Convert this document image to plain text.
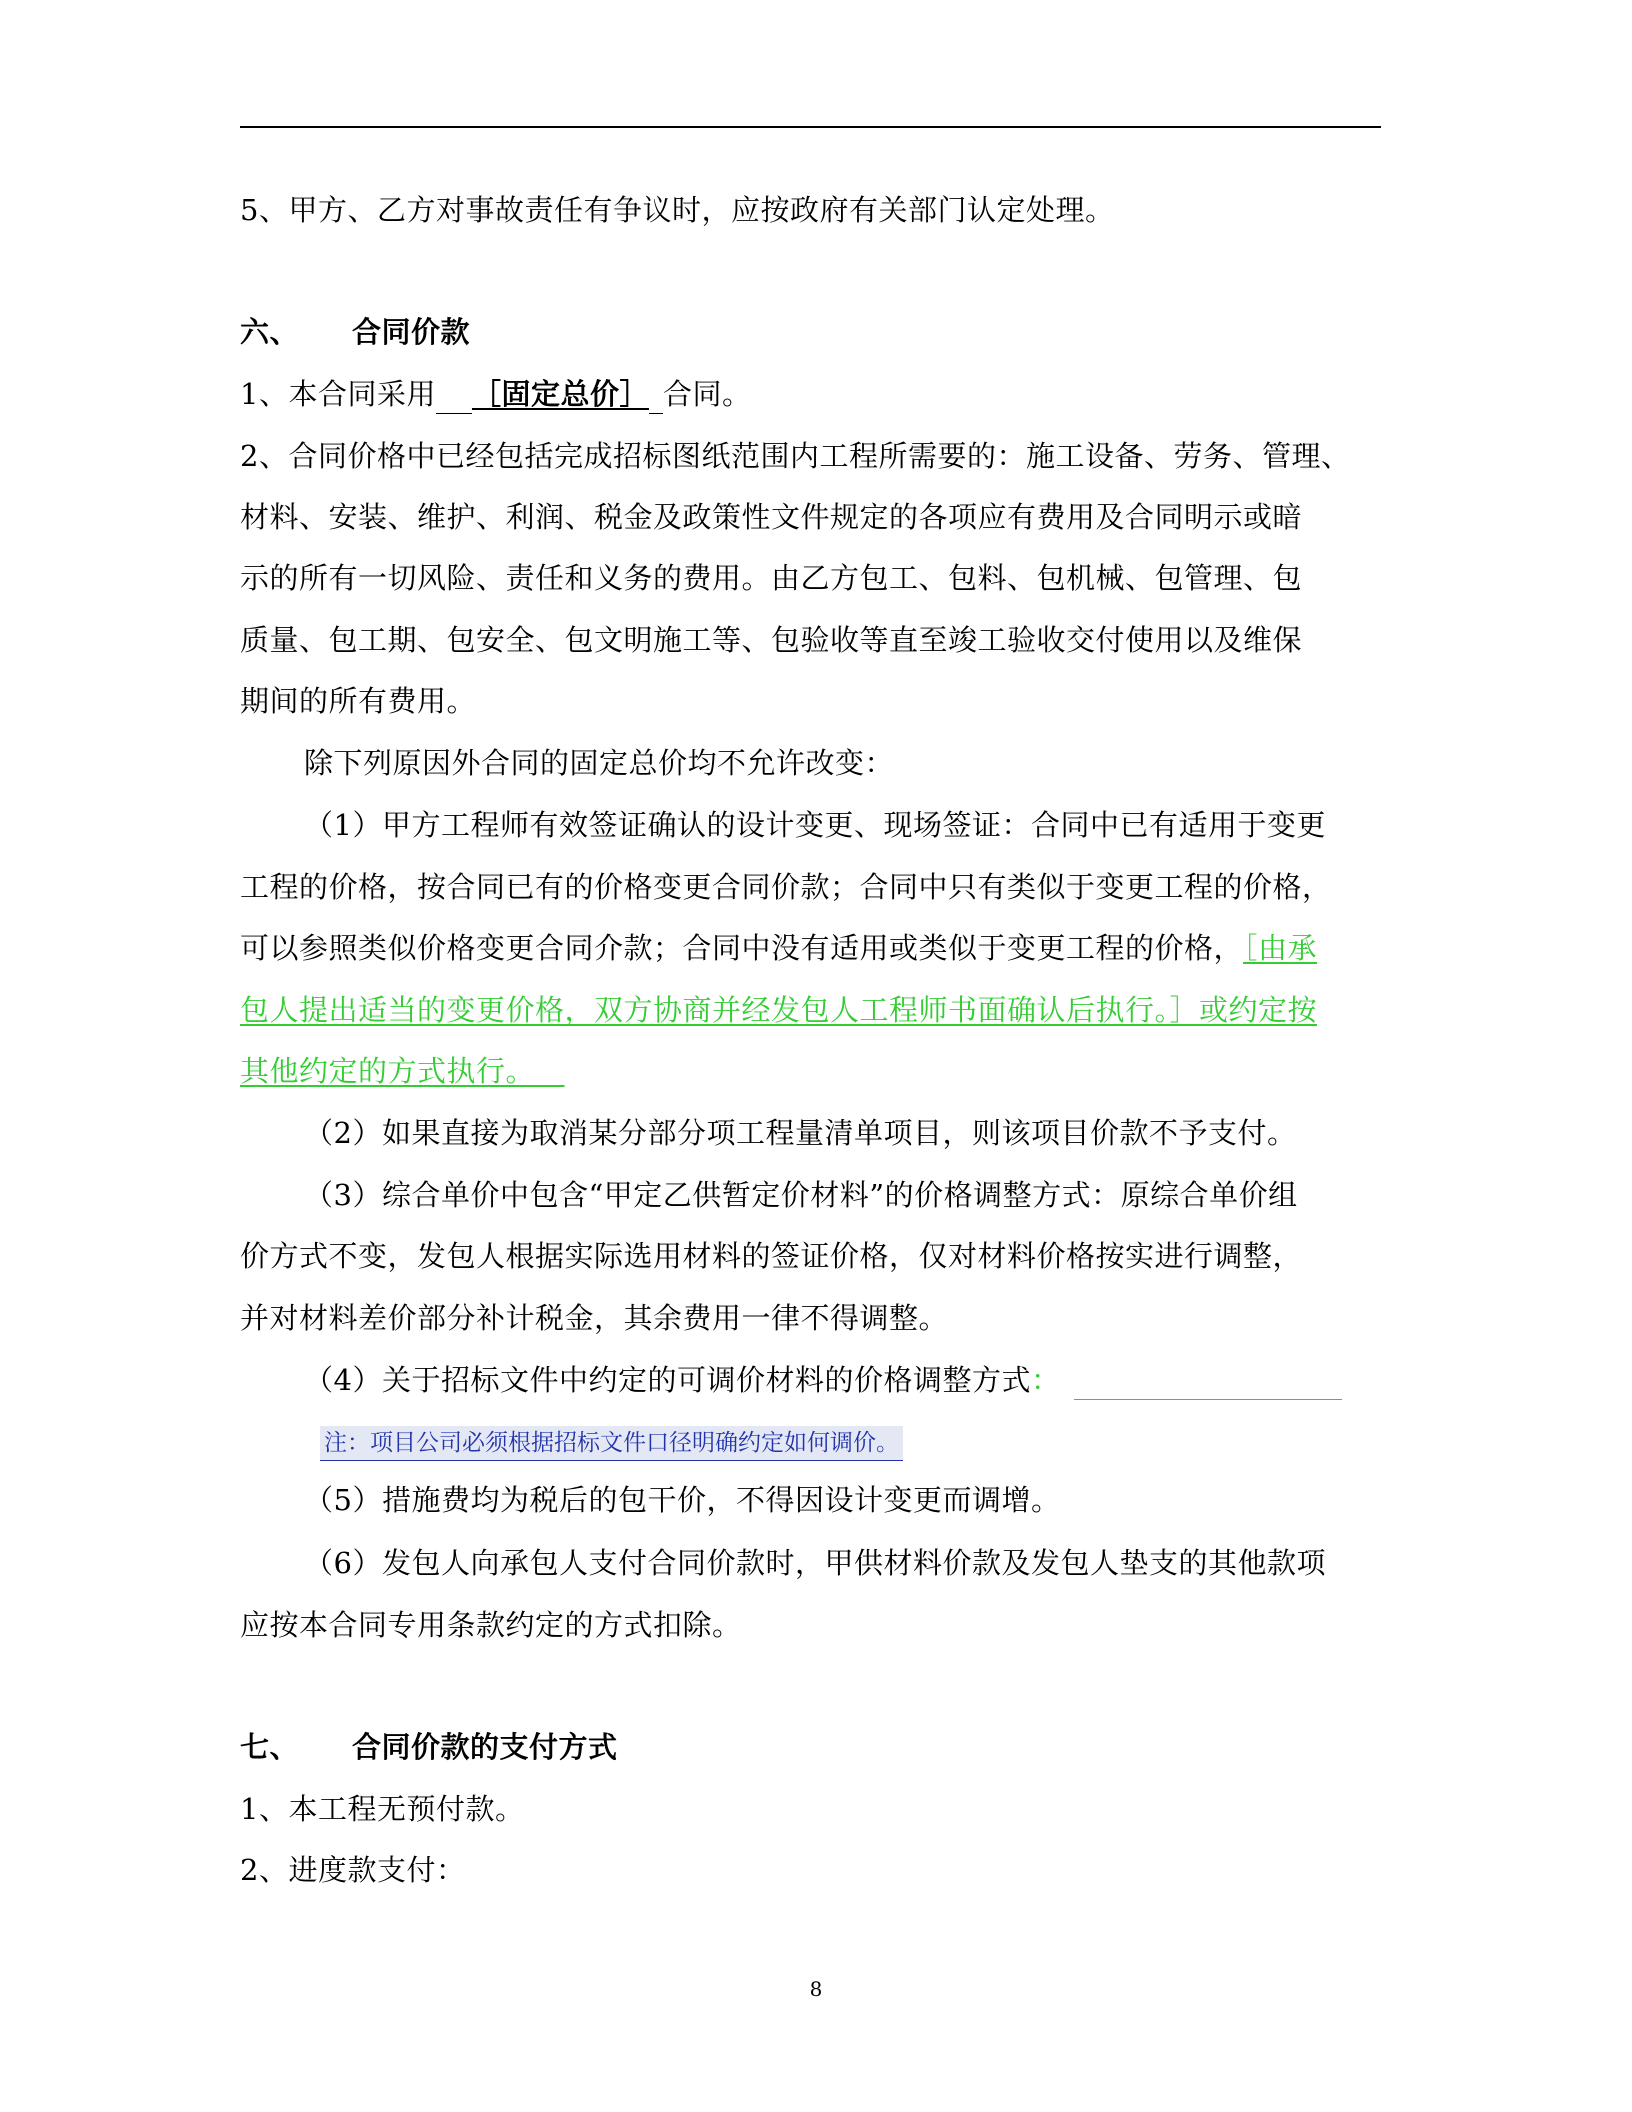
5、甲方、乙方对事故责任有争议时，应按政府有关部门认定处理。
六、 合同价款
1、本合同采用 ［固定总价］ 合同。
2、合同价格中已经包括完成招标图纸范围内工程所需要的：施工设备、劳务、管理、
材料、安装、维护、利润、税金及政策性文件规定的各项应有费用及合同明示或暗
示的所有一切风险、责任和义务的费用。由乙方包工、包料、包机械、包管理、包
质量、包工期、包安全、包文明施工等、包验收等直至竣工验收交付使用以及维保
期间的所有费用。
除下列原因外合同的固定总价均不允许改变：
（1）甲方工程师有效签证确认的设计变更、现场签证：合同中已有适用于变更
工程的价格，按合同已有的价格变更合同价款；合同中只有类似于变更工程的价格，
可以参照类似价格变更合同介款；合同中没有适用或类似于变更工程的价格，［由承
包人提出适当的变更价格，双方协商并经发包人工程师书面确认后执行。］或约定按
其他约定的方式执行。 
（2）如果直接为取消某分部分项工程量清单项目，则该项目价款不予支付。
（3）综合单价中包含“甲定乙供暂定价材料”的价格调整方式：原综合单价组
价方式不变，发包人根据实际选用材料的签证价格，仅对材料价格按实进行调整，
并对材料差价部分补计税金，其余费用一律不得调整。
（4）关于招标文件中约定的可调价材料的价格调整方式：
注：项目公司必须根据招标文件口径明确约定如何调价。
（5）措施费均为税后的包干价，不得因设计变更而调增。
（6）发包人向承包人支付合同价款时，甲供材料价款及发包人垫支的其他款项
应按本合同专用条款约定的方式扣除。
七、 合同价款的支付方式
1、本工程无预付款。
2、进度款支付：
8
